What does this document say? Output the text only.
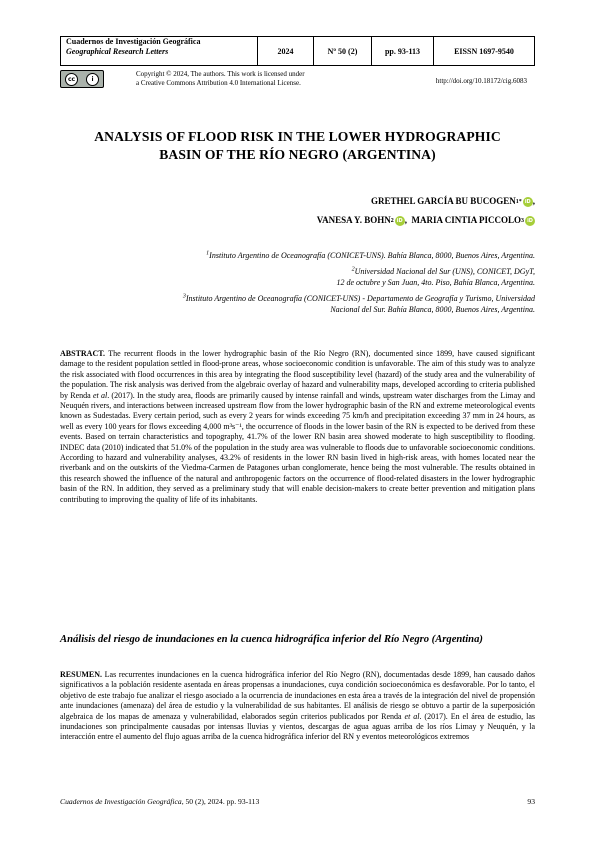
Cuadernos de Investigación Geográfica
Geographical Research Letters	2024	Nº 50 (2)	pp. 93-113	EISSN 1697-9540
cc	i
Copyright © 2024, The authors. This work is licensed under
a Creative Commons Attribution 4.0 International License.	http://doi.org/10.18172/cig.6083
ANALYSIS OF FLOOD RISK IN THE LOWER HYDROGRAPHIC
BASIN OF THE RÍO NEGRO (ARGENTINA)
GRETHEL GARCÍA BU BUCOGEN 1* iD ,
VANESA Y. BOHN 2 iD ,
MARIA CINTIA PICCOLO 3 iD
$^1$Instituto Argentino de Oceanografía (CONICET-UNS). Bahía Blanca, 8000, Buenos Aires, Argentina.
$^2$Universidad Nacional del Sur (UNS), CONICET, DGyT,
12 de octubre y San Juan, 4to. Piso, Bahía Blanca, Argentina.
$^3$Instituto Argentino de Oceanografía (CONICET-UNS) - Departamento de Geografía y Turismo, Universidad
Nacional del Sur. Bahía Blanca, 8000, Buenos Aires, Argentina.
ABSTRACT. The recurrent floods in the lower hydrographic basin of the Río Negro (RN), documented since 1899, have caused significant damage to the resident population settled in flood-prone areas, whose socioeconomic condition is unfavorable. The aim of this study was to analyze the risk associated with flood occurrences in this area by integrating the flood susceptibility level (hazard) of the study area and the vulnerability of the population. The risk analysis was derived from the algebraic overlay of hazard and vulnerability maps, developed according to criteria published by Renda et al. (2017). In the study area, floods are primarily caused by intense rainfall and winds, upstream water discharges from the Limay and Neuquén rivers, and interactions between increased upstream flow from the lower hydrographic basin of the RN and extreme meteorological events known as Sudestadas. Every certain period, such as every 2 years for winds exceeding 75 km/h and precipitation exceeding 37 mm in 24 hours, as well as every 100 years for flows exceeding 4,000 m³s⁻¹, the occurrence of floods in the lower basin of the RN is expected to be derived from these events. Based on terrain characteristics and topography, 41.7% of the lower RN basin area showed moderate to high susceptibility to flooding. INDEC data (2010) indicated that 51.0% of the population in the study area was vulnerable to floods due to unfavorable socioeconomic conditions. According to hazard and vulnerability analyses, 43.2% of residents in the lower RN basin lived in high-risk areas, with homes located near the riverbank and on the outskirts of the Viedma-Carmen de Patagones urban conglomerate, hence being the most vulnerable. The results obtained in this research showed the influence of the natural and anthropogenic factors on the occurrence of flood-related disasters in the lower hydrographic basin of the RN. In addition, they served as a preliminary study that will enable decision-makers to create better prevention and mitigation plans contributing to improving the quality of life of its inhabitants.
Análisis del riesgo de inundaciones en la cuenca hidrográfica inferior del Río Negro (Argentina)
RESUMEN. Las recurrentes inundaciones en la cuenca hidrográfica inferior del Río Negro (RN), documentadas desde 1899, han causado daños significativos a la población residente asentada en áreas propensas a inundaciones, cuya condición socioeconómica es desfavorable. Por lo tanto, el objetivo de este trabajo fue analizar el riesgo asociado a la ocurrencia de inundaciones en esta área a través de la integración del nivel de propensión ante inundaciones (amenaza) del área de estudio y la vulnerabilidad de sus habitantes. El análisis de riesgo se obtuvo a partir de la superposición algebraica de los mapas de amenaza y vulnerabilidad, elaborados según criterios publicados por Renda et al. (2017). En el área de estudio, las inundaciones son principalmente causadas por intensas lluvias y vientos, descargas de agua aguas arriba de los ríos Limay y Neuquén, y la interacción entre el aumento del flujo aguas arriba de la cuenca hidrográfica inferior del RN y eventos meteorológicos extremos
Cuadernos de Investigación Geográfica, 50 (2), 2024. pp. 93-113	93
